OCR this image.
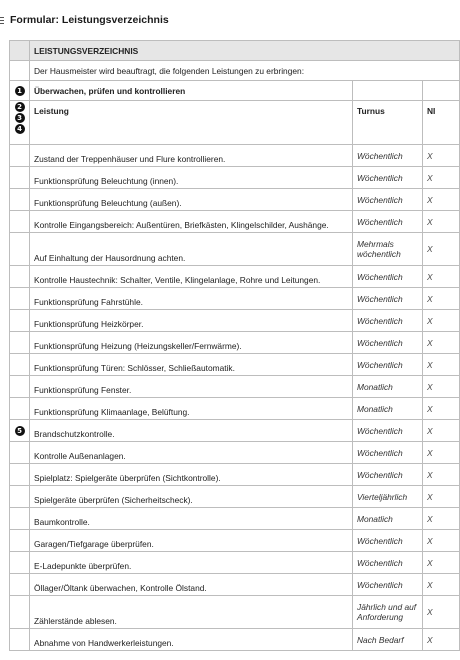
Formular: Leistungsverzeichnis
	LEISTUNGSVERZEICHNIS		
	Der Hausmeister wird beauftragt, die folgenden Leistungen zu erbringen:		
1	Überwachen, prüfen und kontrollieren		

2
3
4	Leistung	Turnus	NI
	Zustand der Treppenhäuser und Flure kontrollieren.	Wöchentlich	X
	Funktionsprüfung Beleuchtung (innen).	Wöchentlich	X
	Funktionsprüfung Beleuchtung (außen).	Wöchentlich	X
	Kontrolle Eingangsbereich: Außentüren, Briefkästen, Klingelschilder, Aushänge.	Wöchentlich	X
	Auf Einhaltung der Hausordnung achten.	Mehrmals wöchentlich	X
	Kontrolle Haustechnik: Schalter, Ventile, Klingelanlage, Rohre und Leitungen.	Wöchentlich	X
	Funktionsprüfung Fahrstühle.	Wöchentlich	X
	Funktionsprüfung Heizkörper.	Wöchentlich	X
	Funktionsprüfung Heizung (Heizungskeller/Fernwärme).	Wöchentlich	X
	Funktionsprüfung Türen: Schlösser, Schließautomatik.	Wöchentlich	X
	Funktionsprüfung Fenster.	Monatlich	X
	Funktionsprüfung Klimaanlage, Belüftung.	Monatlich	X
5	Brandschutzkontrolle.	Wöchentlich	X
	Kontrolle Außenanlagen.	Wöchentlich	X
	Spielplatz: Spielgeräte überprüfen (Sichtkontrolle).	Wöchentlich	X
	Spielgeräte überprüfen (Sicherheitscheck).	Vierteljährlich	X
	Baumkontrolle.	Monatlich	X
	Garagen/Tiefgarage überprüfen.	Wöchentlich	X
	E-Ladepunkte überprüfen.	Wöchentlich	X
	Öllager/Öltank überwachen, Kontrolle Ölstand.	Wöchentlich	X
	Zählerstände ablesen.	Jährlich und auf Anforderung	X
	Abnahme von Handwerkerleistungen.	Nach Bedarf	X
